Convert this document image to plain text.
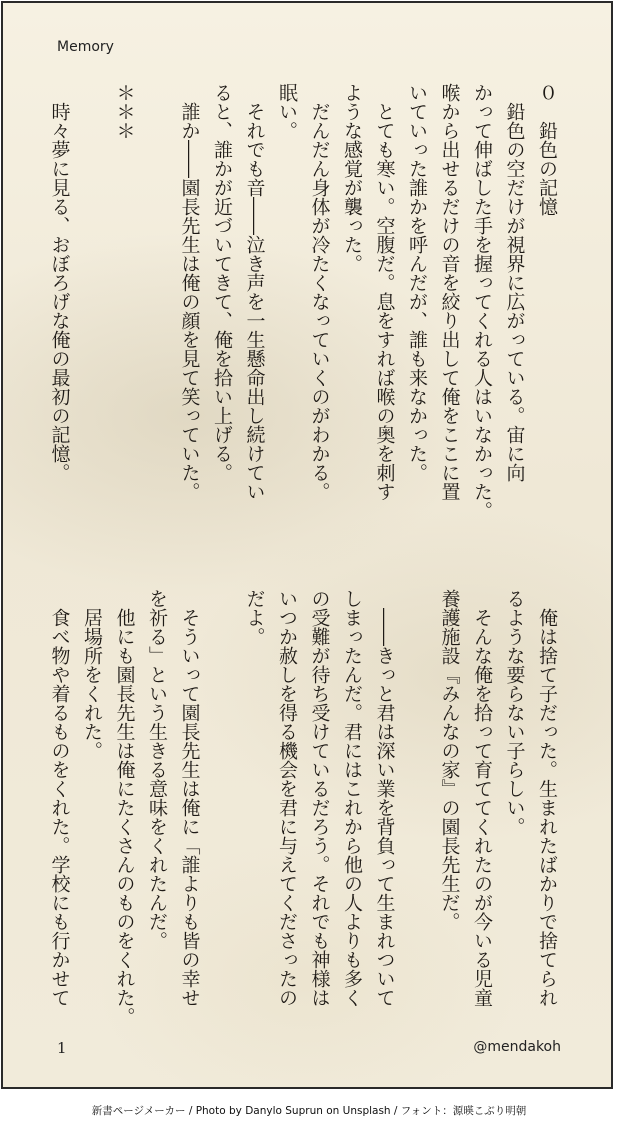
Memory
０　鉛色の記憶
　鉛色の空だけが視界に広がっている。宙に向
かって伸ばした手を握ってくれる人はいなかった。
喉から出せるだけの音を絞り出して俺をここに置
いていった誰かを呼んだが、誰も来なかった。
　とても寒い。空腹だ。息をすれば喉の奥を刺す
ような感覚が襲った。
　だんだん身体が冷たくなっていくのがわかる。
眠い。
　それでも音――泣き声を一生懸命出し続けてい
ると、誰かが近づいてきて、俺を拾い上げる。
　誰か――園長先生は俺の顔を見て笑っていた。

＊＊＊

　時々夢に見る、おぼろげな俺の最初の記憶。
　俺は捨て子だった。生まれたばかりで捨てられ
るような要らない子らしい。
　そんな俺を拾って育ててくれたのが今いる児童
養護施設『みんなの家』の園長先生だ。

　――きっと君は深い業を背負って生まれついて
しまったんだ。君にはこれから他の人よりも多く
の受難が待ち受けているだろう。それでも神様は
いつか赦しを得る機会を君に与えてくださったの
だよ。

　そういって園長先生は俺に「誰よりも皆の幸せ
を祈る」という生きる意味をくれたんだ。
　他にも園長先生は俺にたくさんのものをくれた。
　居場所をくれた。
　食べ物や着るものをくれた。学校にも行かせて
1	@mendakoh
新書ページメーカー / Photo by Danylo Suprun on Unsplash / フォント：源暎こぶり明朝
